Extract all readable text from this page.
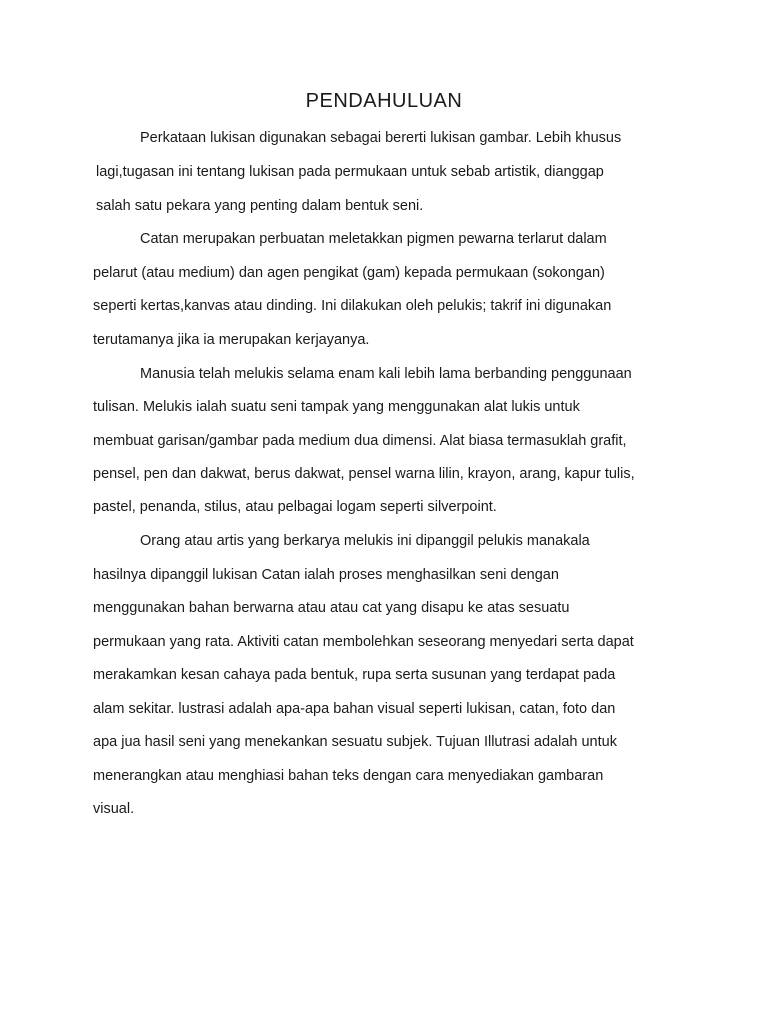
PENDAHULUAN
Perkataan lukisan digunakan sebagai bererti lukisan gambar. Lebih khusus
lagi,tugasan ini tentang lukisan pada permukaan untuk sebab artistik, dianggap
salah satu pekara yang penting dalam bentuk seni.
Catan merupakan perbuatan meletakkan pigmen pewarna terlarut dalam
pelarut (atau medium) dan agen pengikat (gam) kepada permukaan (sokongan)
seperti kertas,kanvas atau dinding. Ini dilakukan oleh pelukis; takrif ini digunakan
terutamanya jika ia merupakan kerjayanya.
Manusia telah melukis selama enam kali lebih lama berbanding penggunaan
tulisan. Melukis ialah suatu seni tampak yang menggunakan alat lukis untuk
membuat garisan/gambar pada medium dua dimensi. Alat biasa termasuklah grafit,
pensel, pen dan dakwat, berus dakwat, pensel warna lilin, krayon, arang, kapur tulis,
pastel, penanda, stilus, atau pelbagai logam seperti silverpoint.
Orang atau artis yang berkarya melukis ini dipanggil pelukis manakala
hasilnya dipanggil lukisan Catan ialah proses menghasilkan seni dengan
menggunakan bahan berwarna atau atau cat yang disapu ke atas sesuatu
permukaan yang rata. Aktiviti catan membolehkan seseorang menyedari serta dapat
merakamkan kesan cahaya pada bentuk, rupa serta susunan yang terdapat pada
alam sekitar. lustrasi adalah apa-apa bahan visual seperti lukisan, catan, foto dan
apa jua hasil seni yang menekankan sesuatu subjek. Tujuan Illutrasi adalah untuk
menerangkan atau menghiasi bahan teks dengan cara menyediakan gambaran
visual.
